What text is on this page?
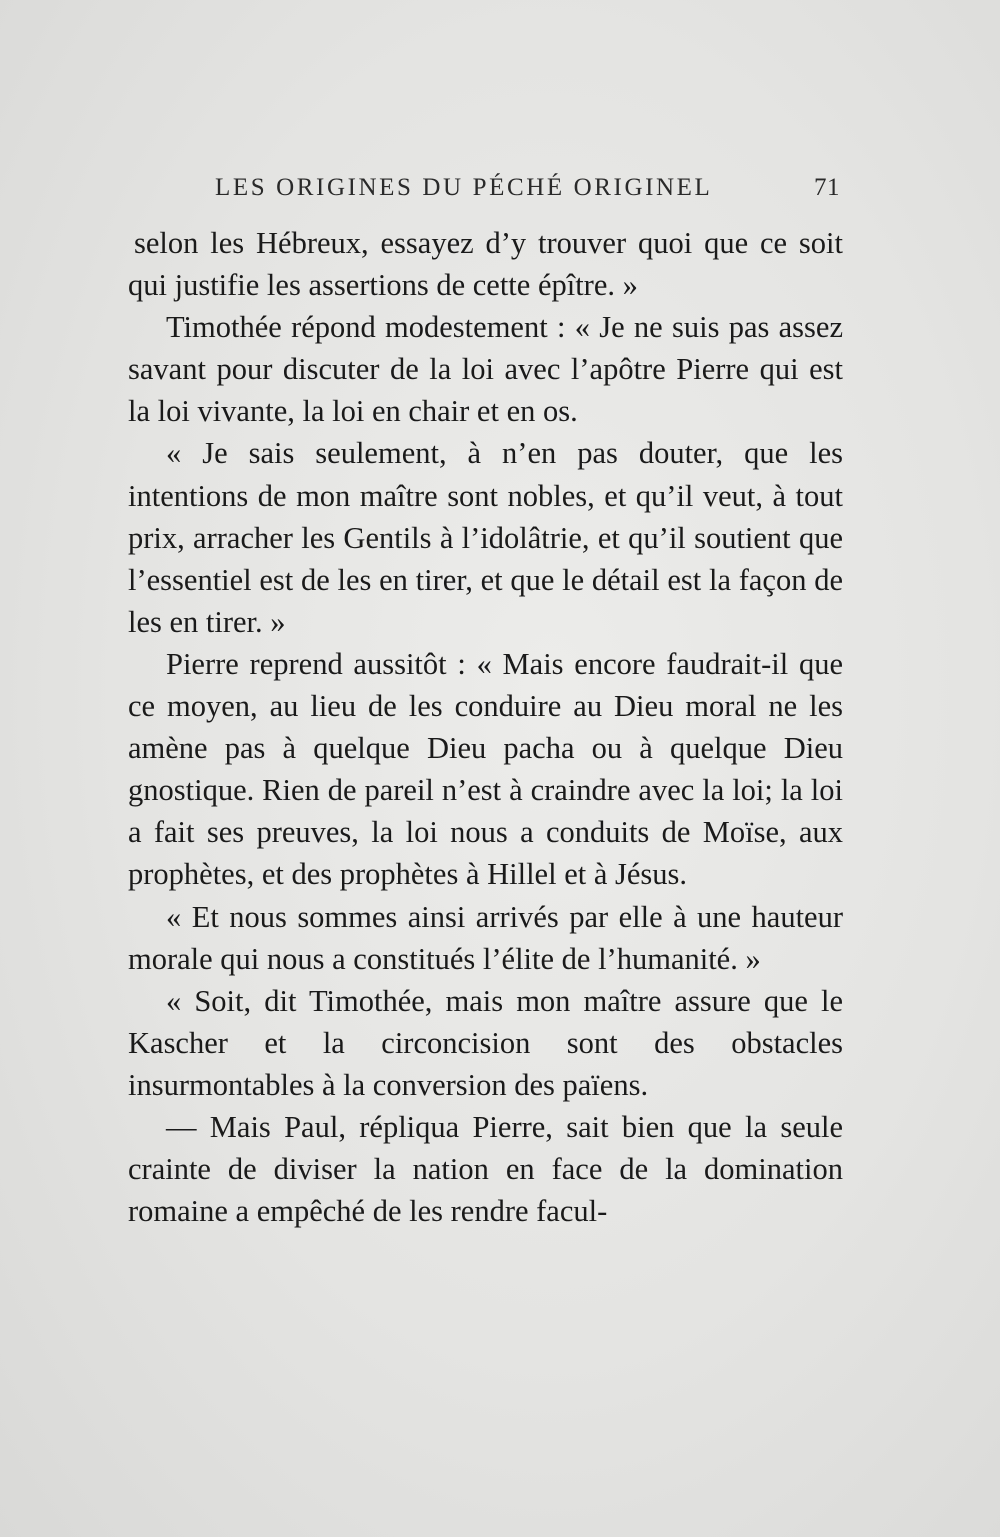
LES ORIGINES DU PÉCHÉ ORIGINEL	71

selon les Hébreux, essayez d’y trouver quoi que ce soit qui justifie les assertions de cette épître. »

Timothée répond modestement : « Je ne suis pas assez savant pour discuter de la loi avec l’apôtre Pierre qui est la loi vivante, la loi en chair et en os.

« Je sais seulement, à n’en pas douter, que les intentions de mon maître sont nobles, et qu’il veut, à tout prix, arracher les Gentils à l’idolâtrie, et qu’il soutient que l’essentiel est de les en tirer, et que le détail est la façon de les en tirer. »

Pierre reprend aussitôt : « Mais encore faudrait-il que ce moyen, au lieu de les conduire au Dieu moral ne les amène pas à quelque Dieu pacha ou à quelque Dieu gnostique. Rien de pareil n’est à craindre avec la loi; la loi a fait ses preuves, la loi nous a conduits de Moïse, aux prophètes, et des prophètes à Hillel et à Jésus.

« Et nous sommes ainsi arrivés par elle à une hauteur morale qui nous a constitués l’élite de l’humanité. »

« Soit, dit Timothée, mais mon maître assure que le Kascher et la circoncision sont des obstacles insurmontables à la conversion des païens.

— Mais Paul, répliqua Pierre, sait bien que la seule crainte de diviser la nation en face de la domination romaine a empêché de les rendre facul-
